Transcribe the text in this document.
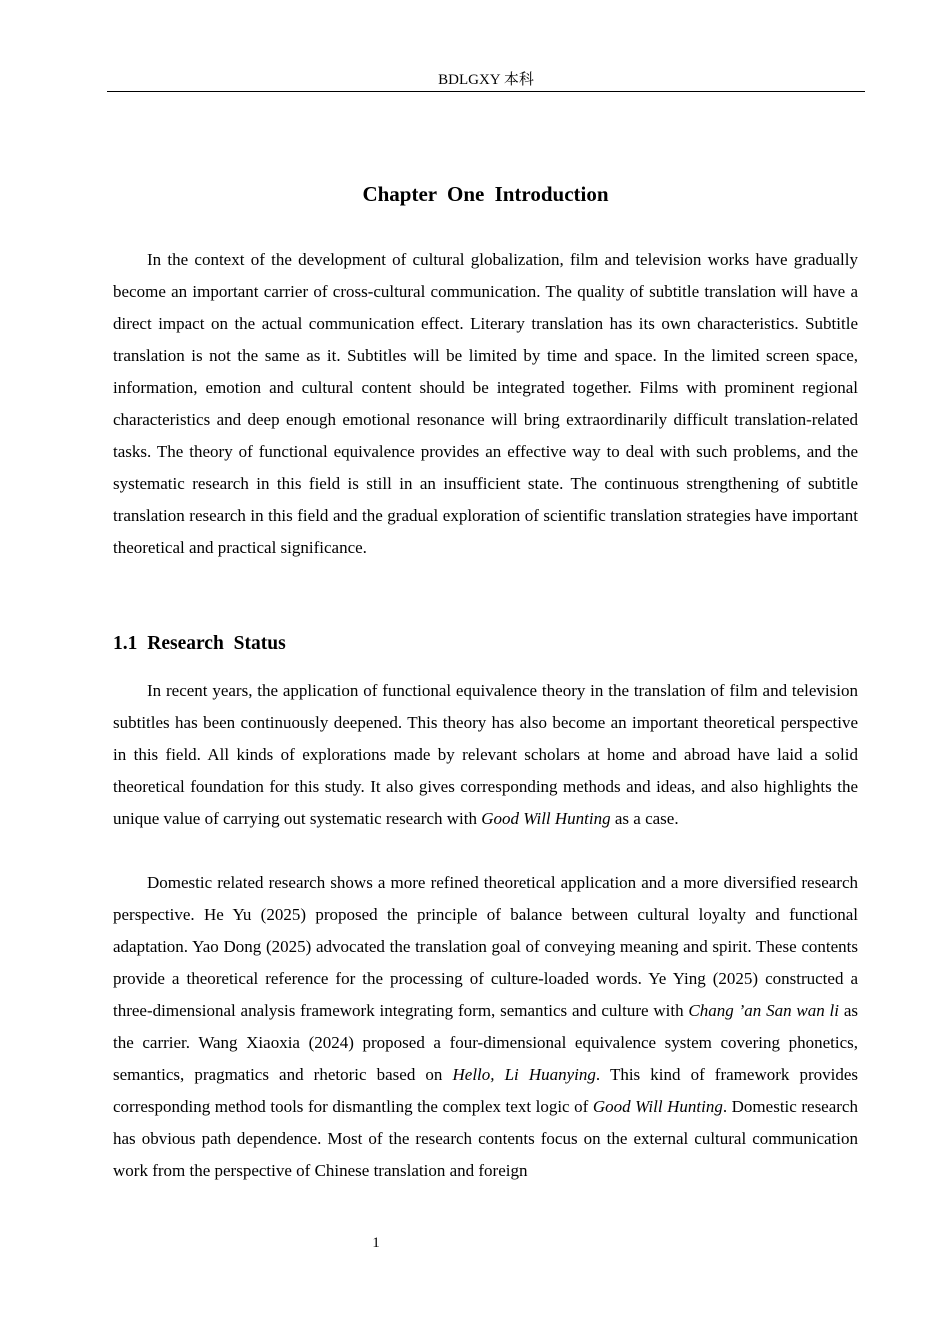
BDLGXY 本科
Chapter One Introduction

In the context of the development of cultural globalization, film and television works have gradually become an important carrier of cross-cultural communication. The quality of subtitle translation will have a direct impact on the actual communication effect. Literary translation has its own characteristics. Subtitle translation is not the same as it. Subtitles will be limited by time and space. In the limited screen space, information, emotion and cultural content should be integrated together. Films with prominent regional characteristics and deep enough emotional resonance will bring extraordinarily difficult translation-related tasks. The theory of functional equivalence provides an effective way to deal with such problems, and the systematic research in this field is still in an insufficient state. The continuous strengthening of subtitle translation research in this field and the gradual exploration of scientific translation strategies have important theoretical and practical significance.

1.1 Research Status

In recent years, the application of functional equivalence theory in the translation of film and television subtitles has been continuously deepened. This theory has also become an important theoretical perspective in this field. All kinds of explorations made by relevant scholars at home and abroad have laid a solid theoretical foundation for this study. It also gives corresponding methods and ideas, and also highlights the unique value of carrying out systematic research with Good Will Hunting as a case.

Domestic related research shows a more refined theoretical application and a more diversified research perspective. He Yu (2025) proposed the principle of balance between cultural loyalty and functional adaptation. Yao Dong (2025) advocated the translation goal of conveying meaning and spirit. These contents provide a theoretical reference for the processing of culture-loaded words. Ye Ying (2025) constructed a three-dimensional analysis framework integrating form, semantics and culture with Chang ’an San wan li as the carrier. Wang Xiaoxia (2024) proposed a four-dimensional equivalence system covering phonetics, semantics, pragmatics and rhetoric based on Hello, Li Huanying. This kind of framework provides corresponding method tools for dismantling the complex text logic of Good Will Hunting. Domestic research has obvious path dependence. Most of the research contents focus on the external cultural communication work from the perspective of Chinese translation and foreign

1
